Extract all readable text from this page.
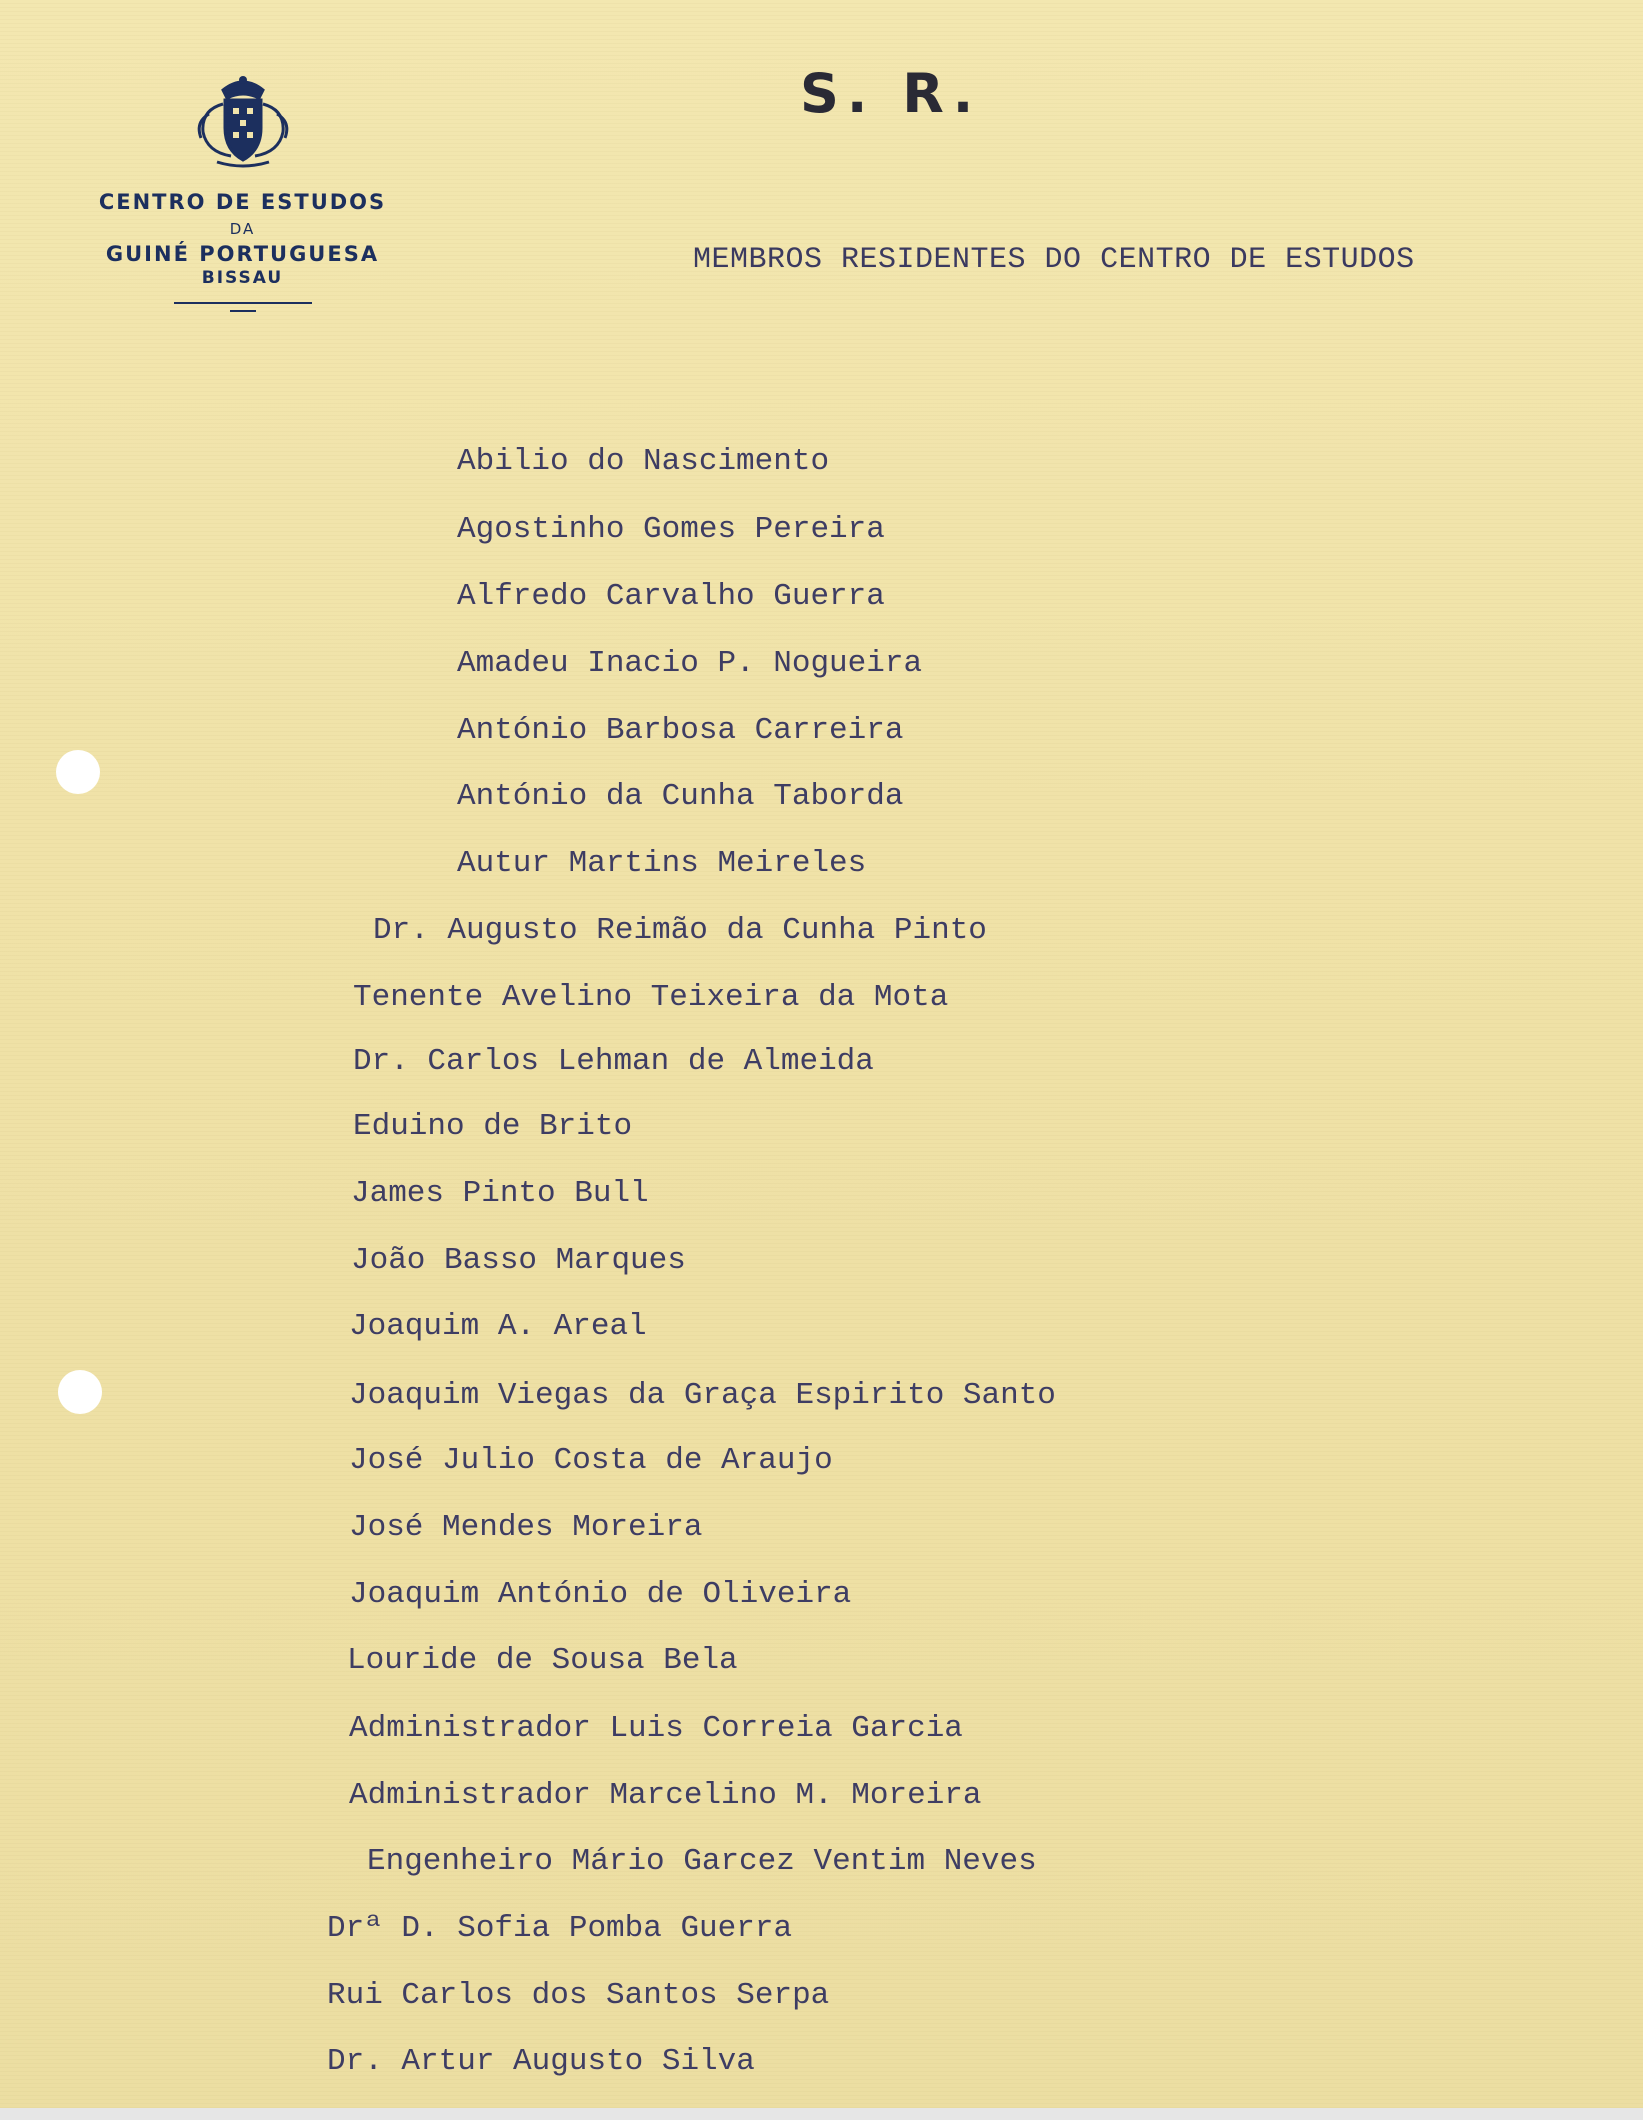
CENTRO DE ESTUDOS
DA
GUINÉ PORTUGUESA
BISSAU
S. R.
MEMBROS RESIDENTES DO CENTRO DE ESTUDOS
Abilio do Nascimento
Agostinho Gomes Pereira
Alfredo Carvalho Guerra
Amadeu Inacio P. Nogueira
António Barbosa Carreira
António da Cunha Taborda
Autur Martins Meireles
Dr. Augusto Reimão da Cunha Pinto
Tenente Avelino Teixeira da Mota
Dr. Carlos Lehman de Almeida
Eduino de Brito
James Pinto Bull
João Basso Marques
Joaquim A. Areal
Joaquim Viegas da Graça Espirito Santo
José Julio Costa de Araujo
José Mendes Moreira
Joaquim António de Oliveira
Louride de Sousa Bela
Administrador Luis Correia Garcia
Administrador Marcelino M. Moreira
Engenheiro Mário Garcez Ventim Neves
Drª D. Sofia Pomba Guerra
Rui Carlos dos Santos Serpa
Dr. Artur Augusto Silva
